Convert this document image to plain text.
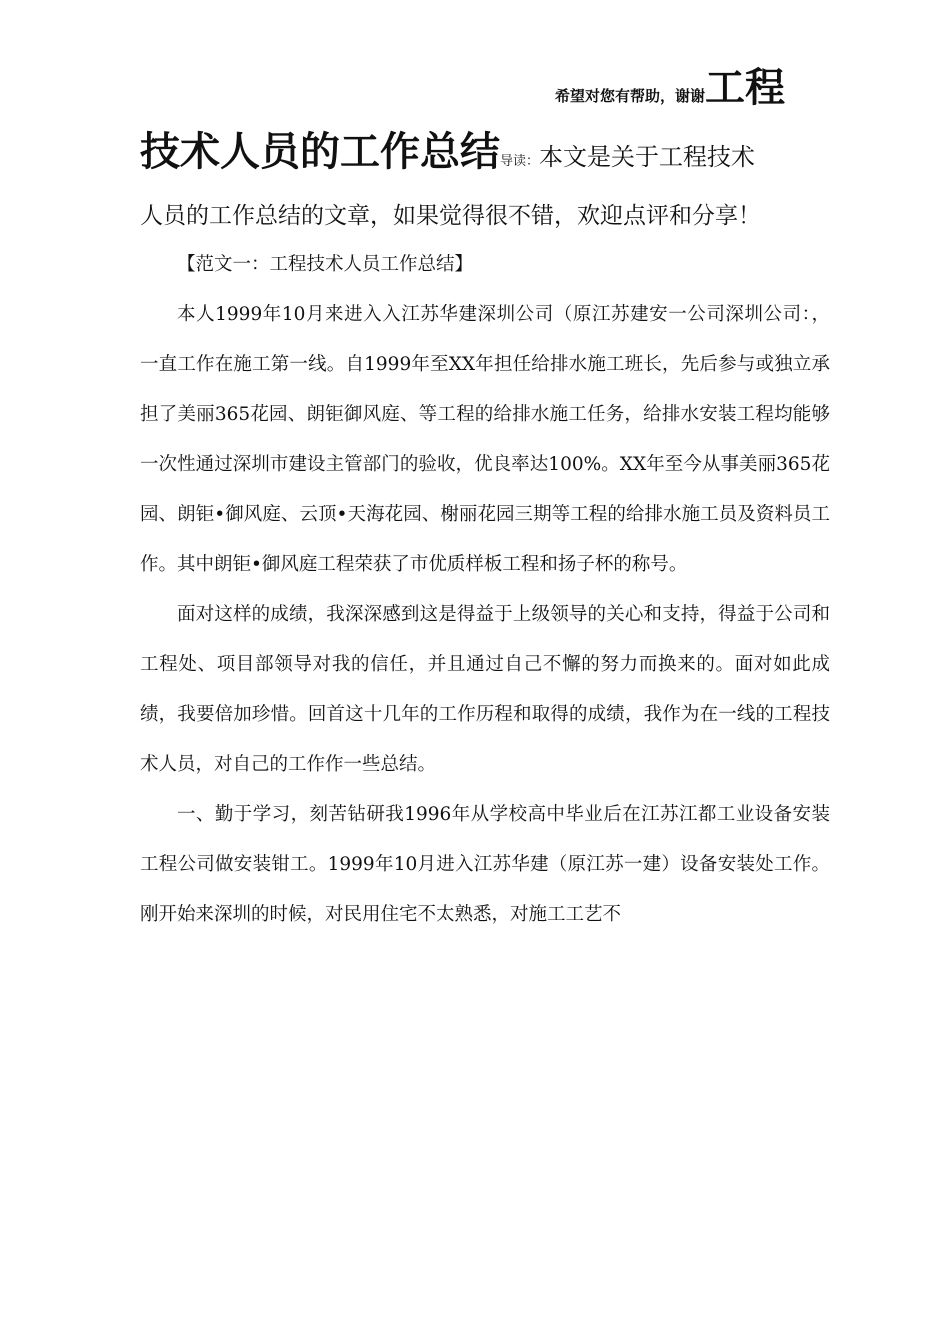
希望对您有帮助，谢谢工程
技术人员的工作总结导读：本文是关于工程技术
人员的工作总结的文章，如果觉得很不错，欢迎点评和分享！

【范文一：工程技术人员工作总结】

本人1999年10月来进入入江苏华建深圳公司（原江苏建安一公司深圳公司：，一直工作在施工第一线。自1999年至XX年担任给排水施工班长，先后参与或独立承担了美丽365花园、朗钜御风庭、等工程的给排水施工任务，给排水安装工程均能够一次性通过深圳市建设主管部门的验收，优良率达100%。XX年至今从事美丽365花园、朗钜•御风庭、云顶•天海花园、榭丽花园三期等工程的给排水施工员及资料员工作。其中朗钜•御风庭工程荣获了市优质样板工程和扬子杯的称号。

面对这样的成绩，我深深感到这是得益于上级领导的关心和支持，得益于公司和工程处、项目部领导对我的信任，并且通过自己不懈的努力而换来的。面对如此成绩，我要倍加珍惜。回首这十几年的工作历程和取得的成绩，我作为在一线的工程技术人员，对自己的工作作一些总结。

一、勤于学习，刻苦钻研我1996年从学校高中毕业后在江苏江都工业设备安装工程公司做安装钳工。1999年10月进入江苏华建（原江苏一建）设备安装处工作。刚开始来深圳的时候，对民用住宅不太熟悉，对施工工艺不
